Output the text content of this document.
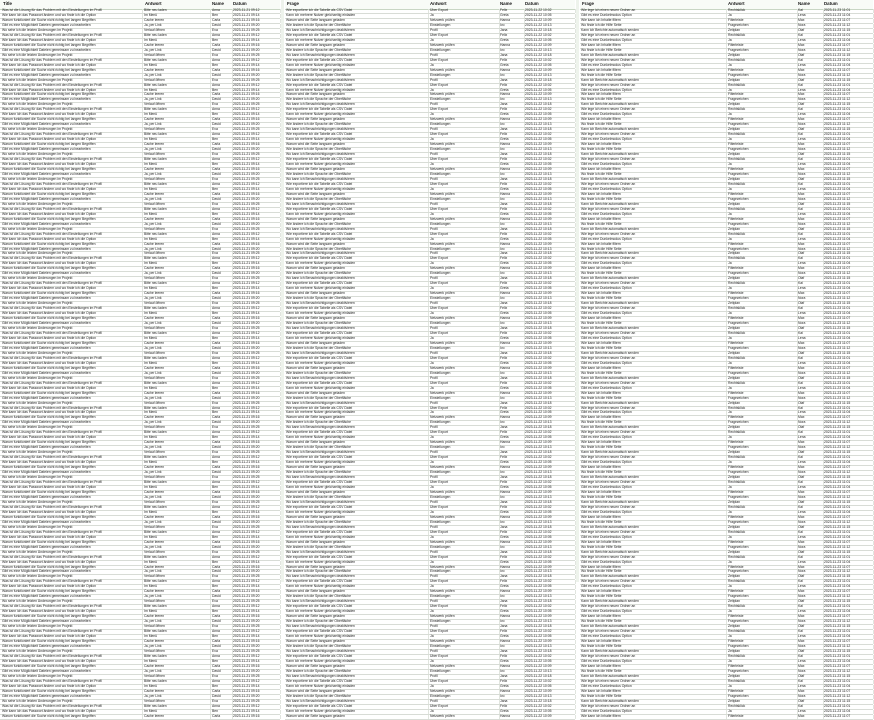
Title	Antwort	Name Datum
Was ist die Lösung für das Problem mit den Einstellungen im Profil	Bitte neu laden	Anna	2023-11-21 09:12
Wie kann ich das Passwort ändern und wo finde ich die Option	Im Menü	Ben	2023-11-21 09:14
Warum funktioniert die Suche nicht richtig bei langen Begriffen	Cache leeren	Carla	2023-11-21 09:16
Gibt es eine Möglichkeit Dateien gemeinsam zu bearbeiten	Ja, per Link	David	2023-11-21 09:20
Wo sehe ich die letzten Änderungen im Projekt	Verlauf öffnen	Eva	2023-11-21 09:25
Was ist die Lösung für das Problem mit den Einstellungen im Profil	Bitte neu laden	Anna	2023-11-21 09:12
Wie kann ich das Passwort ändern und wo finde ich die Option	Im Menü	Ben	2023-11-21 09:14
Warum funktioniert die Suche nicht richtig bei langen Begriffen	Cache leeren	Carla	2023-11-21 09:16
Gibt es eine Möglichkeit Dateien gemeinsam zu bearbeiten	Ja, per Link	David	2023-11-21 09:20
Wo sehe ich die letzten Änderungen im Projekt	Verlauf öffnen	Eva	2023-11-21 09:25
Was ist die Lösung für das Problem mit den Einstellungen im Profil	Bitte neu laden	Anna	2023-11-21 09:12
Wie kann ich das Passwort ändern und wo finde ich die Option	Im Menü	Ben	2023-11-21 09:14
Warum funktioniert die Suche nicht richtig bei langen Begriffen	Cache leeren	Carla	2023-11-21 09:16
Gibt es eine Möglichkeit Dateien gemeinsam zu bearbeiten	Ja, per Link	David	2023-11-21 09:20
Wo sehe ich die letzten Änderungen im Projekt	Verlauf öffnen	Eva	2023-11-21 09:25
Was ist die Lösung für das Problem mit den Einstellungen im Profil	Bitte neu laden	Anna	2023-11-21 09:12
Wie kann ich das Passwort ändern und wo finde ich die Option	Im Menü	Ben	2023-11-21 09:14
Warum funktioniert die Suche nicht richtig bei langen Begriffen	Cache leeren	Carla	2023-11-21 09:16
Gibt es eine Möglichkeit Dateien gemeinsam zu bearbeiten	Ja, per Link	David	2023-11-21 09:20
Wo sehe ich die letzten Änderungen im Projekt	Verlauf öffnen	Eva	2023-11-21 09:25
Was ist die Lösung für das Problem mit den Einstellungen im Profil	Bitte neu laden	Anna	2023-11-21 09:12
Wie kann ich das Passwort ändern und wo finde ich die Option	Im Menü	Ben	2023-11-21 09:14
Warum funktioniert die Suche nicht richtig bei langen Begriffen	Cache leeren	Carla	2023-11-21 09:16
Gibt es eine Möglichkeit Dateien gemeinsam zu bearbeiten	Ja, per Link	David	2023-11-21 09:20
Wo sehe ich die letzten Änderungen im Projekt	Verlauf öffnen	Eva	2023-11-21 09:25
Was ist die Lösung für das Problem mit den Einstellungen im Profil	Bitte neu laden	Anna	2023-11-21 09:12
Wie kann ich das Passwort ändern und wo finde ich die Option	Im Menü	Ben	2023-11-21 09:14
Warum funktioniert die Suche nicht richtig bei langen Begriffen	Cache leeren	Carla	2023-11-21 09:16
Gibt es eine Möglichkeit Dateien gemeinsam zu bearbeiten	Ja, per Link	David	2023-11-21 09:20
Wo sehe ich die letzten Änderungen im Projekt	Verlauf öffnen	Eva	2023-11-21 09:25
Was ist die Lösung für das Problem mit den Einstellungen im Profil	Bitte neu laden	Anna	2023-11-21 09:12
Wie kann ich das Passwort ändern und wo finde ich die Option	Im Menü	Ben	2023-11-21 09:14
Warum funktioniert die Suche nicht richtig bei langen Begriffen	Cache leeren	Carla	2023-11-21 09:16
Gibt es eine Möglichkeit Dateien gemeinsam zu bearbeiten	Ja, per Link	David	2023-11-21 09:20
Wo sehe ich die letzten Änderungen im Projekt	Verlauf öffnen	Eva	2023-11-21 09:25
Was ist die Lösung für das Problem mit den Einstellungen im Profil	Bitte neu laden	Anna	2023-11-21 09:12
Wie kann ich das Passwort ändern und wo finde ich die Option	Im Menü	Ben	2023-11-21 09:14
Warum funktioniert die Suche nicht richtig bei langen Begriffen	Cache leeren	Carla	2023-11-21 09:16
Gibt es eine Möglichkeit Dateien gemeinsam zu bearbeiten	Ja, per Link	David	2023-11-21 09:20
Wo sehe ich die letzten Änderungen im Projekt	Verlauf öffnen	Eva	2023-11-21 09:25
Was ist die Lösung für das Problem mit den Einstellungen im Profil	Bitte neu laden	Anna	2023-11-21 09:12
Wie kann ich das Passwort ändern und wo finde ich die Option	Im Menü	Ben	2023-11-21 09:14
Warum funktioniert die Suche nicht richtig bei langen Begriffen	Cache leeren	Carla	2023-11-21 09:16
Gibt es eine Möglichkeit Dateien gemeinsam zu bearbeiten	Ja, per Link	David	2023-11-21 09:20
Wo sehe ich die letzten Änderungen im Projekt	Verlauf öffnen	Eva	2023-11-21 09:25
Was ist die Lösung für das Problem mit den Einstellungen im Profil	Bitte neu laden	Anna	2023-11-21 09:12
Wie kann ich das Passwort ändern und wo finde ich die Option	Im Menü	Ben	2023-11-21 09:14
Warum funktioniert die Suche nicht richtig bei langen Begriffen	Cache leeren	Carla	2023-11-21 09:16
Gibt es eine Möglichkeit Dateien gemeinsam zu bearbeiten	Ja, per Link	David	2023-11-21 09:20
Wo sehe ich die letzten Änderungen im Projekt	Verlauf öffnen	Eva	2023-11-21 09:25
Was ist die Lösung für das Problem mit den Einstellungen im Profil	Bitte neu laden	Anna	2023-11-21 09:12
Wie kann ich das Passwort ändern und wo finde ich die Option	Im Menü	Ben	2023-11-21 09:14
Warum funktioniert die Suche nicht richtig bei langen Begriffen	Cache leeren	Carla	2023-11-21 09:16
Gibt es eine Möglichkeit Dateien gemeinsam zu bearbeiten	Ja, per Link	David	2023-11-21 09:20
Wo sehe ich die letzten Änderungen im Projekt	Verlauf öffnen	Eva	2023-11-21 09:25
Was ist die Lösung für das Problem mit den Einstellungen im Profil	Bitte neu laden	Anna	2023-11-21 09:12
Wie kann ich das Passwort ändern und wo finde ich die Option	Im Menü	Ben	2023-11-21 09:14
Warum funktioniert die Suche nicht richtig bei langen Begriffen	Cache leeren	Carla	2023-11-21 09:16
Gibt es eine Möglichkeit Dateien gemeinsam zu bearbeiten	Ja, per Link	David	2023-11-21 09:20
Wo sehe ich die letzten Änderungen im Projekt	Verlauf öffnen	Eva	2023-11-21 09:25
Was ist die Lösung für das Problem mit den Einstellungen im Profil	Bitte neu laden	Anna	2023-11-21 09:12
Wie kann ich das Passwort ändern und wo finde ich die Option	Im Menü	Ben	2023-11-21 09:14
Warum funktioniert die Suche nicht richtig bei langen Begriffen	Cache leeren	Carla	2023-11-21 09:16
Gibt es eine Möglichkeit Dateien gemeinsam zu bearbeiten	Ja, per Link	David	2023-11-21 09:20
Wo sehe ich die letzten Änderungen im Projekt	Verlauf öffnen	Eva	2023-11-21 09:25
Was ist die Lösung für das Problem mit den Einstellungen im Profil	Bitte neu laden	Anna	2023-11-21 09:12
Wie kann ich das Passwort ändern und wo finde ich die Option	Im Menü	Ben	2023-11-21 09:14
Warum funktioniert die Suche nicht richtig bei langen Begriffen	Cache leeren	Carla	2023-11-21 09:16
Gibt es eine Möglichkeit Dateien gemeinsam zu bearbeiten	Ja, per Link	David	2023-11-21 09:20
Wo sehe ich die letzten Änderungen im Projekt	Verlauf öffnen	Eva	2023-11-21 09:25
Was ist die Lösung für das Problem mit den Einstellungen im Profil	Bitte neu laden	Anna	2023-11-21 09:12
Wie kann ich das Passwort ändern und wo finde ich die Option	Im Menü	Ben	2023-11-21 09:14
Warum funktioniert die Suche nicht richtig bei langen Begriffen	Cache leeren	Carla	2023-11-21 09:16
Gibt es eine Möglichkeit Dateien gemeinsam zu bearbeiten	Ja, per Link	David	2023-11-21 09:20
Wo sehe ich die letzten Änderungen im Projekt	Verlauf öffnen	Eva	2023-11-21 09:25
Was ist die Lösung für das Problem mit den Einstellungen im Profil	Bitte neu laden	Anna	2023-11-21 09:12
Wie kann ich das Passwort ändern und wo finde ich die Option	Im Menü	Ben	2023-11-21 09:14
Warum funktioniert die Suche nicht richtig bei langen Begriffen	Cache leeren	Carla	2023-11-21 09:16
Gibt es eine Möglichkeit Dateien gemeinsam zu bearbeiten	Ja, per Link	David	2023-11-21 09:20
Wo sehe ich die letzten Änderungen im Projekt	Verlauf öffnen	Eva	2023-11-21 09:25
Was ist die Lösung für das Problem mit den Einstellungen im Profil	Bitte neu laden	Anna	2023-11-21 09:12
Wie kann ich das Passwort ändern und wo finde ich die Option	Im Menü	Ben	2023-11-21 09:14
Warum funktioniert die Suche nicht richtig bei langen Begriffen	Cache leeren	Carla	2023-11-21 09:16
Gibt es eine Möglichkeit Dateien gemeinsam zu bearbeiten	Ja, per Link	David	2023-11-21 09:20
Wo sehe ich die letzten Änderungen im Projekt	Verlauf öffnen	Eva	2023-11-21 09:25
Was ist die Lösung für das Problem mit den Einstellungen im Profil	Bitte neu laden	Anna	2023-11-21 09:12
Wie kann ich das Passwort ändern und wo finde ich die Option	Im Menü	Ben	2023-11-21 09:14
Warum funktioniert die Suche nicht richtig bei langen Begriffen	Cache leeren	Carla	2023-11-21 09:16
Gibt es eine Möglichkeit Dateien gemeinsam zu bearbeiten	Ja, per Link	David	2023-11-21 09:20
Wo sehe ich die letzten Änderungen im Projekt	Verlauf öffnen	Eva	2023-11-21 09:25
Was ist die Lösung für das Problem mit den Einstellungen im Profil	Bitte neu laden	Anna	2023-11-21 09:12
Wie kann ich das Passwort ändern und wo finde ich die Option	Im Menü	Ben	2023-11-21 09:14
Warum funktioniert die Suche nicht richtig bei langen Begriffen	Cache leeren	Carla	2023-11-21 09:16
Gibt es eine Möglichkeit Dateien gemeinsam zu bearbeiten	Ja, per Link	David	2023-11-21 09:20
Wo sehe ich die letzten Änderungen im Projekt	Verlauf öffnen	Eva	2023-11-21 09:25
Was ist die Lösung für das Problem mit den Einstellungen im Profil	Bitte neu laden	Anna	2023-11-21 09:12
Wie kann ich das Passwort ändern und wo finde ich die Option	Im Menü	Ben	2023-11-21 09:14
Warum funktioniert die Suche nicht richtig bei langen Begriffen	Cache leeren	Carla	2023-11-21 09:16
Gibt es eine Möglichkeit Dateien gemeinsam zu bearbeiten	Ja, per Link	David	2023-11-21 09:20
Wo sehe ich die letzten Änderungen im Projekt	Verlauf öffnen	Eva	2023-11-21 09:25
Was ist die Lösung für das Problem mit den Einstellungen im Profil	Bitte neu laden	Anna	2023-11-21 09:12
Wie kann ich das Passwort ändern und wo finde ich die Option	Im Menü	Ben	2023-11-21 09:14
Warum funktioniert die Suche nicht richtig bei langen Begriffen	Cache leeren	Carla	2023-11-21 09:16
Gibt es eine Möglichkeit Dateien gemeinsam zu bearbeiten	Ja, per Link	David	2023-11-21 09:20
Wo sehe ich die letzten Änderungen im Projekt	Verlauf öffnen	Eva	2023-11-21 09:25
Was ist die Lösung für das Problem mit den Einstellungen im Profil	Bitte neu laden	Anna	2023-11-21 09:12
Wie kann ich das Passwort ändern und wo finde ich die Option	Im Menü	Ben	2023-11-21 09:14
Warum funktioniert die Suche nicht richtig bei langen Begriffen	Cache leeren	Carla	2023-11-21 09:16
Gibt es eine Möglichkeit Dateien gemeinsam zu bearbeiten	Ja, per Link	David	2023-11-21 09:20
Wo sehe ich die letzten Änderungen im Projekt	Verlauf öffnen	Eva	2023-11-21 09:25
Was ist die Lösung für das Problem mit den Einstellungen im Profil	Bitte neu laden	Anna	2023-11-21 09:12
Wie kann ich das Passwort ändern und wo finde ich die Option	Im Menü	Ben	2023-11-21 09:14
Warum funktioniert die Suche nicht richtig bei langen Begriffen	Cache leeren	Carla	2023-11-21 09:16
Gibt es eine Möglichkeit Dateien gemeinsam zu bearbeiten	Ja, per Link	David	2023-11-21 09:20
Wo sehe ich die letzten Änderungen im Projekt	Verlauf öffnen	Eva	2023-11-21 09:25
Was ist die Lösung für das Problem mit den Einstellungen im Profil	Bitte neu laden	Anna	2023-11-21 09:12
Wie kann ich das Passwort ändern und wo finde ich die Option	Im Menü	Ben	2023-11-21 09:14
Warum funktioniert die Suche nicht richtig bei langen Begriffen	Cache leeren	Carla	2023-11-21 09:16
Gibt es eine Möglichkeit Dateien gemeinsam zu bearbeiten	Ja, per Link	David	2023-11-21 09:20
Wo sehe ich die letzten Änderungen im Projekt	Verlauf öffnen	Eva	2023-11-21 09:25
Was ist die Lösung für das Problem mit den Einstellungen im Profil	Bitte neu laden	Anna	2023-11-21 09:12
Wie kann ich das Passwort ändern und wo finde ich die Option	Im Menü	Ben	2023-11-21 09:14
Warum funktioniert die Suche nicht richtig bei langen Begriffen	Cache leeren	Carla	2023-11-21 09:16
Gibt es eine Möglichkeit Dateien gemeinsam zu bearbeiten	Ja, per Link	David	2023-11-21 09:20
Wo sehe ich die letzten Änderungen im Projekt	Verlauf öffnen	Eva	2023-11-21 09:25
Was ist die Lösung für das Problem mit den Einstellungen im Profil	Bitte neu laden	Anna	2023-11-21 09:12
Wie kann ich das Passwort ändern und wo finde ich die Option	Im Menü	Ben	2023-11-21 09:14
Warum funktioniert die Suche nicht richtig bei langen Begriffen	Cache leeren	Carla	2023-11-21 09:16
Gibt es eine Möglichkeit Dateien gemeinsam zu bearbeiten	Ja, per Link	David	2023-11-21 09:20
Wo sehe ich die letzten Änderungen im Projekt	Verlauf öffnen	Eva	2023-11-21 09:25
Was ist die Lösung für das Problem mit den Einstellungen im Profil	Bitte neu laden	Anna	2023-11-21 09:12
Wie kann ich das Passwort ändern und wo finde ich die Option	Im Menü	Ben	2023-11-21 09:14
Warum funktioniert die Suche nicht richtig bei langen Begriffen	Cache leeren	Carla	2023-11-21 09:16
Gibt es eine Möglichkeit Dateien gemeinsam zu bearbeiten	Ja, per Link	David	2023-11-21 09:20
Wo sehe ich die letzten Änderungen im Projekt	Verlauf öffnen	Eva	2023-11-21 09:25
Was ist die Lösung für das Problem mit den Einstellungen im Profil	Bitte neu laden	Anna	2023-11-21 09:12
Wie kann ich das Passwort ändern und wo finde ich die Option	Im Menü	Ben	2023-11-21 09:14
Warum funktioniert die Suche nicht richtig bei langen Begriffen	Cache leeren	Carla	2023-11-21 09:16
Gibt es eine Möglichkeit Dateien gemeinsam zu bearbeiten	Ja, per Link	David	2023-11-21 09:20
Wo sehe ich die letzten Änderungen im Projekt	Verlauf öffnen	Eva	2023-11-21 09:25
Was ist die Lösung für das Problem mit den Einstellungen im Profil	Bitte neu laden	Anna	2023-11-21 09:12
Wie kann ich das Passwort ändern und wo finde ich die Option	Im Menü	Ben	2023-11-21 09:14
Warum funktioniert die Suche nicht richtig bei langen Begriffen	Cache leeren	Carla	2023-11-21 09:16
Frage	Antwort	Name	Datum
Wie exportiere ich die Tabelle als CSV Datei	Über Export	Felix	2023-11-22 10:02
Kann ich mehrere Nutzer gleichzeitig einladen	Ja	Greta	2023-11-22 10:05
Warum wird die Seite langsam geladen	Netzwerk prüfen	Hanna	2023-11-22 10:09
Wie ändere ich die Sprache der Oberfläche	Einstellungen	Ivo	2023-11-22 10:13
Wo kann ich Benachrichtigungen deaktivieren	Profil	Jana	2023-11-22 10:18
Wie exportiere ich die Tabelle als CSV Datei	Über Export	Felix	2023-11-22 10:02
Kann ich mehrere Nutzer gleichzeitig einladen	Ja	Greta	2023-11-22 10:05
Warum wird die Seite langsam geladen	Netzwerk prüfen	Hanna	2023-11-22 10:09
Wie ändere ich die Sprache der Oberfläche	Einstellungen	Ivo	2023-11-22 10:13
Wo kann ich Benachrichtigungen deaktivieren	Profil	Jana	2023-11-22 10:18
Wie exportiere ich die Tabelle als CSV Datei	Über Export	Felix	2023-11-22 10:02
Kann ich mehrere Nutzer gleichzeitig einladen	Ja	Greta	2023-11-22 10:05
Warum wird die Seite langsam geladen	Netzwerk prüfen	Hanna	2023-11-22 10:09
Wie ändere ich die Sprache der Oberfläche	Einstellungen	Ivo	2023-11-22 10:13
Wo kann ich Benachrichtigungen deaktivieren	Profil	Jana	2023-11-22 10:18
Wie exportiere ich die Tabelle als CSV Datei	Über Export	Felix	2023-11-22 10:02
Kann ich mehrere Nutzer gleichzeitig einladen	Ja	Greta	2023-11-22 10:05
Warum wird die Seite langsam geladen	Netzwerk prüfen	Hanna	2023-11-22 10:09
Wie ändere ich die Sprache der Oberfläche	Einstellungen	Ivo	2023-11-22 10:13
Wo kann ich Benachrichtigungen deaktivieren	Profil	Jana	2023-11-22 10:18
Wie exportiere ich die Tabelle als CSV Datei	Über Export	Felix	2023-11-22 10:02
Kann ich mehrere Nutzer gleichzeitig einladen	Ja	Greta	2023-11-22 10:05
Warum wird die Seite langsam geladen	Netzwerk prüfen	Hanna	2023-11-22 10:09
Wie ändere ich die Sprache der Oberfläche	Einstellungen	Ivo	2023-11-22 10:13
Wo kann ich Benachrichtigungen deaktivieren	Profil	Jana	2023-11-22 10:18
Wie exportiere ich die Tabelle als CSV Datei	Über Export	Felix	2023-11-22 10:02
Kann ich mehrere Nutzer gleichzeitig einladen	Ja	Greta	2023-11-22 10:05
Warum wird die Seite langsam geladen	Netzwerk prüfen	Hanna	2023-11-22 10:09
Wie ändere ich die Sprache der Oberfläche	Einstellungen	Ivo	2023-11-22 10:13
Wo kann ich Benachrichtigungen deaktivieren	Profil	Jana	2023-11-22 10:18
Wie exportiere ich die Tabelle als CSV Datei	Über Export	Felix	2023-11-22 10:02
Kann ich mehrere Nutzer gleichzeitig einladen	Ja	Greta	2023-11-22 10:05
Warum wird die Seite langsam geladen	Netzwerk prüfen	Hanna	2023-11-22 10:09
Wie ändere ich die Sprache der Oberfläche	Einstellungen	Ivo	2023-11-22 10:13
Wo kann ich Benachrichtigungen deaktivieren	Profil	Jana	2023-11-22 10:18
Wie exportiere ich die Tabelle als CSV Datei	Über Export	Felix	2023-11-22 10:02
Kann ich mehrere Nutzer gleichzeitig einladen	Ja	Greta	2023-11-22 10:05
Warum wird die Seite langsam geladen	Netzwerk prüfen	Hanna	2023-11-22 10:09
Wie ändere ich die Sprache der Oberfläche	Einstellungen	Ivo	2023-11-22 10:13
Wo kann ich Benachrichtigungen deaktivieren	Profil	Jana	2023-11-22 10:18
Wie exportiere ich die Tabelle als CSV Datei	Über Export	Felix	2023-11-22 10:02
Kann ich mehrere Nutzer gleichzeitig einladen	Ja	Greta	2023-11-22 10:05
Warum wird die Seite langsam geladen	Netzwerk prüfen	Hanna	2023-11-22 10:09
Wie ändere ich die Sprache der Oberfläche	Einstellungen	Ivo	2023-11-22 10:13
Wo kann ich Benachrichtigungen deaktivieren	Profil	Jana	2023-11-22 10:18
Wie exportiere ich die Tabelle als CSV Datei	Über Export	Felix	2023-11-22 10:02
Kann ich mehrere Nutzer gleichzeitig einladen	Ja	Greta	2023-11-22 10:05
Warum wird die Seite langsam geladen	Netzwerk prüfen	Hanna	2023-11-22 10:09
Wie ändere ich die Sprache der Oberfläche	Einstellungen	Ivo	2023-11-22 10:13
Wo kann ich Benachrichtigungen deaktivieren	Profil	Jana	2023-11-22 10:18
Wie exportiere ich die Tabelle als CSV Datei	Über Export	Felix	2023-11-22 10:02
Kann ich mehrere Nutzer gleichzeitig einladen	Ja	Greta	2023-11-22 10:05
Warum wird die Seite langsam geladen	Netzwerk prüfen	Hanna	2023-11-22 10:09
Wie ändere ich die Sprache der Oberfläche	Einstellungen	Ivo	2023-11-22 10:13
Wo kann ich Benachrichtigungen deaktivieren	Profil	Jana	2023-11-22 10:18
Wie exportiere ich die Tabelle als CSV Datei	Über Export	Felix	2023-11-22 10:02
Kann ich mehrere Nutzer gleichzeitig einladen	Ja	Greta	2023-11-22 10:05
Warum wird die Seite langsam geladen	Netzwerk prüfen	Hanna	2023-11-22 10:09
Wie ändere ich die Sprache der Oberfläche	Einstellungen	Ivo	2023-11-22 10:13
Wo kann ich Benachrichtigungen deaktivieren	Profil	Jana	2023-11-22 10:18
Wie exportiere ich die Tabelle als CSV Datei	Über Export	Felix	2023-11-22 10:02
Kann ich mehrere Nutzer gleichzeitig einladen	Ja	Greta	2023-11-22 10:05
Warum wird die Seite langsam geladen	Netzwerk prüfen	Hanna	2023-11-22 10:09
Wie ändere ich die Sprache der Oberfläche	Einstellungen	Ivo	2023-11-22 10:13
Wo kann ich Benachrichtigungen deaktivieren	Profil	Jana	2023-11-22 10:18
Wie exportiere ich die Tabelle als CSV Datei	Über Export	Felix	2023-11-22 10:02
Kann ich mehrere Nutzer gleichzeitig einladen	Ja	Greta	2023-11-22 10:05
Warum wird die Seite langsam geladen	Netzwerk prüfen	Hanna	2023-11-22 10:09
Wie ändere ich die Sprache der Oberfläche	Einstellungen	Ivo	2023-11-22 10:13
Wo kann ich Benachrichtigungen deaktivieren	Profil	Jana	2023-11-22 10:18
Wie exportiere ich die Tabelle als CSV Datei	Über Export	Felix	2023-11-22 10:02
Kann ich mehrere Nutzer gleichzeitig einladen	Ja	Greta	2023-11-22 10:05
Warum wird die Seite langsam geladen	Netzwerk prüfen	Hanna	2023-11-22 10:09
Wie ändere ich die Sprache der Oberfläche	Einstellungen	Ivo	2023-11-22 10:13
Wo kann ich Benachrichtigungen deaktivieren	Profil	Jana	2023-11-22 10:18
Wie exportiere ich die Tabelle als CSV Datei	Über Export	Felix	2023-11-22 10:02
Kann ich mehrere Nutzer gleichzeitig einladen	Ja	Greta	2023-11-22 10:05
Warum wird die Seite langsam geladen	Netzwerk prüfen	Hanna	2023-11-22 10:09
Wie ändere ich die Sprache der Oberfläche	Einstellungen	Ivo	2023-11-22 10:13
Wo kann ich Benachrichtigungen deaktivieren	Profil	Jana	2023-11-22 10:18
Wie exportiere ich die Tabelle als CSV Datei	Über Export	Felix	2023-11-22 10:02
Kann ich mehrere Nutzer gleichzeitig einladen	Ja	Greta	2023-11-22 10:05
Warum wird die Seite langsam geladen	Netzwerk prüfen	Hanna	2023-11-22 10:09
Wie ändere ich die Sprache der Oberfläche	Einstellungen	Ivo	2023-11-22 10:13
Wo kann ich Benachrichtigungen deaktivieren	Profil	Jana	2023-11-22 10:18
Wie exportiere ich die Tabelle als CSV Datei	Über Export	Felix	2023-11-22 10:02
Kann ich mehrere Nutzer gleichzeitig einladen	Ja	Greta	2023-11-22 10:05
Warum wird die Seite langsam geladen	Netzwerk prüfen	Hanna	2023-11-22 10:09
Wie ändere ich die Sprache der Oberfläche	Einstellungen	Ivo	2023-11-22 10:13
Wo kann ich Benachrichtigungen deaktivieren	Profil	Jana	2023-11-22 10:18
Wie exportiere ich die Tabelle als CSV Datei	Über Export	Felix	2023-11-22 10:02
Kann ich mehrere Nutzer gleichzeitig einladen	Ja	Greta	2023-11-22 10:05
Warum wird die Seite langsam geladen	Netzwerk prüfen	Hanna	2023-11-22 10:09
Wie ändere ich die Sprache der Oberfläche	Einstellungen	Ivo	2023-11-22 10:13
Wo kann ich Benachrichtigungen deaktivieren	Profil	Jana	2023-11-22 10:18
Wie exportiere ich die Tabelle als CSV Datei	Über Export	Felix	2023-11-22 10:02
Kann ich mehrere Nutzer gleichzeitig einladen	Ja	Greta	2023-11-22 10:05
Warum wird die Seite langsam geladen	Netzwerk prüfen	Hanna	2023-11-22 10:09
Wie ändere ich die Sprache der Oberfläche	Einstellungen	Ivo	2023-11-22 10:13
Wo kann ich Benachrichtigungen deaktivieren	Profil	Jana	2023-11-22 10:18
Wie exportiere ich die Tabelle als CSV Datei	Über Export	Felix	2023-11-22 10:02
Kann ich mehrere Nutzer gleichzeitig einladen	Ja	Greta	2023-11-22 10:05
Warum wird die Seite langsam geladen	Netzwerk prüfen	Hanna	2023-11-22 10:09
Wie ändere ich die Sprache der Oberfläche	Einstellungen	Ivo	2023-11-22 10:13
Wo kann ich Benachrichtigungen deaktivieren	Profil	Jana	2023-11-22 10:18
Wie exportiere ich die Tabelle als CSV Datei	Über Export	Felix	2023-11-22 10:02
Kann ich mehrere Nutzer gleichzeitig einladen	Ja	Greta	2023-11-22 10:05
Warum wird die Seite langsam geladen	Netzwerk prüfen	Hanna	2023-11-22 10:09
Wie ändere ich die Sprache der Oberfläche	Einstellungen	Ivo	2023-11-22 10:13
Wo kann ich Benachrichtigungen deaktivieren	Profil	Jana	2023-11-22 10:18
Wie exportiere ich die Tabelle als CSV Datei	Über Export	Felix	2023-11-22 10:02
Kann ich mehrere Nutzer gleichzeitig einladen	Ja	Greta	2023-11-22 10:05
Warum wird die Seite langsam geladen	Netzwerk prüfen	Hanna	2023-11-22 10:09
Wie ändere ich die Sprache der Oberfläche	Einstellungen	Ivo	2023-11-22 10:13
Wo kann ich Benachrichtigungen deaktivieren	Profil	Jana	2023-11-22 10:18
Wie exportiere ich die Tabelle als CSV Datei	Über Export	Felix	2023-11-22 10:02
Kann ich mehrere Nutzer gleichzeitig einladen	Ja	Greta	2023-11-22 10:05
Warum wird die Seite langsam geladen	Netzwerk prüfen	Hanna	2023-11-22 10:09
Wie ändere ich die Sprache der Oberfläche	Einstellungen	Ivo	2023-11-22 10:13
Wo kann ich Benachrichtigungen deaktivieren	Profil	Jana	2023-11-22 10:18
Wie exportiere ich die Tabelle als CSV Datei	Über Export	Felix	2023-11-22 10:02
Kann ich mehrere Nutzer gleichzeitig einladen	Ja	Greta	2023-11-22 10:05
Warum wird die Seite langsam geladen	Netzwerk prüfen	Hanna	2023-11-22 10:09
Wie ändere ich die Sprache der Oberfläche	Einstellungen	Ivo	2023-11-22 10:13
Wo kann ich Benachrichtigungen deaktivieren	Profil	Jana	2023-11-22 10:18
Wie exportiere ich die Tabelle als CSV Datei	Über Export	Felix	2023-11-22 10:02
Kann ich mehrere Nutzer gleichzeitig einladen	Ja	Greta	2023-11-22 10:05
Warum wird die Seite langsam geladen	Netzwerk prüfen	Hanna	2023-11-22 10:09
Wie ändere ich die Sprache der Oberfläche	Einstellungen	Ivo	2023-11-22 10:13
Wo kann ich Benachrichtigungen deaktivieren	Profil	Jana	2023-11-22 10:18
Wie exportiere ich die Tabelle als CSV Datei	Über Export	Felix	2023-11-22 10:02
Kann ich mehrere Nutzer gleichzeitig einladen	Ja	Greta	2023-11-22 10:05
Warum wird die Seite langsam geladen	Netzwerk prüfen	Hanna	2023-11-22 10:09
Wie ändere ich die Sprache der Oberfläche	Einstellungen	Ivo	2023-11-22 10:13
Wo kann ich Benachrichtigungen deaktivieren	Profil	Jana	2023-11-22 10:18
Wie exportiere ich die Tabelle als CSV Datei	Über Export	Felix	2023-11-22 10:02
Kann ich mehrere Nutzer gleichzeitig einladen	Ja	Greta	2023-11-22 10:05
Warum wird die Seite langsam geladen	Netzwerk prüfen	Hanna	2023-11-22 10:09
Wie ändere ich die Sprache der Oberfläche	Einstellungen	Ivo	2023-11-22 10:13
Wo kann ich Benachrichtigungen deaktivieren	Profil	Jana	2023-11-22 10:18
Wie exportiere ich die Tabelle als CSV Datei	Über Export	Felix	2023-11-22 10:02
Kann ich mehrere Nutzer gleichzeitig einladen	Ja	Greta	2023-11-22 10:05
Warum wird die Seite langsam geladen	Netzwerk prüfen	Hanna	2023-11-22 10:09
Frage	Antwort	Name	Datum
Wie lege ich einen neuen Ordner an	Rechtsklick	Kai	2023-11-23 11:01
Gibt es eine Dunkelmodus Option	Ja	Lena	2023-11-23 11:04
Wie kann ich Inhalte filtern	Filterleiste	Max	2023-11-23 11:07
Wo finde ich die Hilfe Seite	Fragezeichen	Nora	2023-11-23 11:12
Kann ich Berichte automatisch senden	Zeitplan	Olaf	2023-11-23 11:15
Wie lege ich einen neuen Ordner an	Rechtsklick	Kai	2023-11-23 11:01
Gibt es eine Dunkelmodus Option	Ja	Lena	2023-11-23 11:04
Wie kann ich Inhalte filtern	Filterleiste	Max	2023-11-23 11:07
Wo finde ich die Hilfe Seite	Fragezeichen	Nora	2023-11-23 11:12
Kann ich Berichte automatisch senden	Zeitplan	Olaf	2023-11-23 11:15
Wie lege ich einen neuen Ordner an	Rechtsklick	Kai	2023-11-23 11:01
Gibt es eine Dunkelmodus Option	Ja	Lena	2023-11-23 11:04
Wie kann ich Inhalte filtern	Filterleiste	Max	2023-11-23 11:07
Wo finde ich die Hilfe Seite	Fragezeichen	Nora	2023-11-23 11:12
Kann ich Berichte automatisch senden	Zeitplan	Olaf	2023-11-23 11:15
Wie lege ich einen neuen Ordner an	Rechtsklick	Kai	2023-11-23 11:01
Gibt es eine Dunkelmodus Option	Ja	Lena	2023-11-23 11:04
Wie kann ich Inhalte filtern	Filterleiste	Max	2023-11-23 11:07
Wo finde ich die Hilfe Seite	Fragezeichen	Nora	2023-11-23 11:12
Kann ich Berichte automatisch senden	Zeitplan	Olaf	2023-11-23 11:15
Wie lege ich einen neuen Ordner an	Rechtsklick	Kai	2023-11-23 11:01
Gibt es eine Dunkelmodus Option	Ja	Lena	2023-11-23 11:04
Wie kann ich Inhalte filtern	Filterleiste	Max	2023-11-23 11:07
Wo finde ich die Hilfe Seite	Fragezeichen	Nora	2023-11-23 11:12
Kann ich Berichte automatisch senden	Zeitplan	Olaf	2023-11-23 11:15
Wie lege ich einen neuen Ordner an	Rechtsklick	Kai	2023-11-23 11:01
Gibt es eine Dunkelmodus Option	Ja	Lena	2023-11-23 11:04
Wie kann ich Inhalte filtern	Filterleiste	Max	2023-11-23 11:07
Wo finde ich die Hilfe Seite	Fragezeichen	Nora	2023-11-23 11:12
Kann ich Berichte automatisch senden	Zeitplan	Olaf	2023-11-23 11:15
Wie lege ich einen neuen Ordner an	Rechtsklick	Kai	2023-11-23 11:01
Gibt es eine Dunkelmodus Option	Ja	Lena	2023-11-23 11:04
Wie kann ich Inhalte filtern	Filterleiste	Max	2023-11-23 11:07
Wo finde ich die Hilfe Seite	Fragezeichen	Nora	2023-11-23 11:12
Kann ich Berichte automatisch senden	Zeitplan	Olaf	2023-11-23 11:15
Wie lege ich einen neuen Ordner an	Rechtsklick	Kai	2023-11-23 11:01
Gibt es eine Dunkelmodus Option	Ja	Lena	2023-11-23 11:04
Wie kann ich Inhalte filtern	Filterleiste	Max	2023-11-23 11:07
Wo finde ich die Hilfe Seite	Fragezeichen	Nora	2023-11-23 11:12
Kann ich Berichte automatisch senden	Zeitplan	Olaf	2023-11-23 11:15
Wie lege ich einen neuen Ordner an	Rechtsklick	Kai	2023-11-23 11:01
Gibt es eine Dunkelmodus Option	Ja	Lena	2023-11-23 11:04
Wie kann ich Inhalte filtern	Filterleiste	Max	2023-11-23 11:07
Wo finde ich die Hilfe Seite	Fragezeichen	Nora	2023-11-23 11:12
Kann ich Berichte automatisch senden	Zeitplan	Olaf	2023-11-23 11:15
Wie lege ich einen neuen Ordner an	Rechtsklick	Kai	2023-11-23 11:01
Gibt es eine Dunkelmodus Option	Ja	Lena	2023-11-23 11:04
Wie kann ich Inhalte filtern	Filterleiste	Max	2023-11-23 11:07
Wo finde ich die Hilfe Seite	Fragezeichen	Nora	2023-11-23 11:12
Kann ich Berichte automatisch senden	Zeitplan	Olaf	2023-11-23 11:15
Wie lege ich einen neuen Ordner an	Rechtsklick	Kai	2023-11-23 11:01
Gibt es eine Dunkelmodus Option	Ja	Lena	2023-11-23 11:04
Wie kann ich Inhalte filtern	Filterleiste	Max	2023-11-23 11:07
Wo finde ich die Hilfe Seite	Fragezeichen	Nora	2023-11-23 11:12
Kann ich Berichte automatisch senden	Zeitplan	Olaf	2023-11-23 11:15
Wie lege ich einen neuen Ordner an	Rechtsklick	Kai	2023-11-23 11:01
Gibt es eine Dunkelmodus Option	Ja	Lena	2023-11-23 11:04
Wie kann ich Inhalte filtern	Filterleiste	Max	2023-11-23 11:07
Wo finde ich die Hilfe Seite	Fragezeichen	Nora	2023-11-23 11:12
Kann ich Berichte automatisch senden	Zeitplan	Olaf	2023-11-23 11:15
Wie lege ich einen neuen Ordner an	Rechtsklick	Kai	2023-11-23 11:01
Gibt es eine Dunkelmodus Option	Ja	Lena	2023-11-23 11:04
Wie kann ich Inhalte filtern	Filterleiste	Max	2023-11-23 11:07
Wo finde ich die Hilfe Seite	Fragezeichen	Nora	2023-11-23 11:12
Kann ich Berichte automatisch senden	Zeitplan	Olaf	2023-11-23 11:15
Wie lege ich einen neuen Ordner an	Rechtsklick	Kai	2023-11-23 11:01
Gibt es eine Dunkelmodus Option	Ja	Lena	2023-11-23 11:04
Wie kann ich Inhalte filtern	Filterleiste	Max	2023-11-23 11:07
Wo finde ich die Hilfe Seite	Fragezeichen	Nora	2023-11-23 11:12
Kann ich Berichte automatisch senden	Zeitplan	Olaf	2023-11-23 11:15
Wie lege ich einen neuen Ordner an	Rechtsklick	Kai	2023-11-23 11:01
Gibt es eine Dunkelmodus Option	Ja	Lena	2023-11-23 11:04
Wie kann ich Inhalte filtern	Filterleiste	Max	2023-11-23 11:07
Wo finde ich die Hilfe Seite	Fragezeichen	Nora	2023-11-23 11:12
Kann ich Berichte automatisch senden	Zeitplan	Olaf	2023-11-23 11:15
Wie lege ich einen neuen Ordner an	Rechtsklick	Kai	2023-11-23 11:01
Gibt es eine Dunkelmodus Option	Ja	Lena	2023-11-23 11:04
Wie kann ich Inhalte filtern	Filterleiste	Max	2023-11-23 11:07
Wo finde ich die Hilfe Seite	Fragezeichen	Nora	2023-11-23 11:12
Kann ich Berichte automatisch senden	Zeitplan	Olaf	2023-11-23 11:15
Wie lege ich einen neuen Ordner an	Rechtsklick	Kai	2023-11-23 11:01
Gibt es eine Dunkelmodus Option	Ja	Lena	2023-11-23 11:04
Wie kann ich Inhalte filtern	Filterleiste	Max	2023-11-23 11:07
Wo finde ich die Hilfe Seite	Fragezeichen	Nora	2023-11-23 11:12
Kann ich Berichte automatisch senden	Zeitplan	Olaf	2023-11-23 11:15
Wie lege ich einen neuen Ordner an	Rechtsklick	Kai	2023-11-23 11:01
Gibt es eine Dunkelmodus Option	Ja	Lena	2023-11-23 11:04
Wie kann ich Inhalte filtern	Filterleiste	Max	2023-11-23 11:07
Wo finde ich die Hilfe Seite	Fragezeichen	Nora	2023-11-23 11:12
Kann ich Berichte automatisch senden	Zeitplan	Olaf	2023-11-23 11:15
Wie lege ich einen neuen Ordner an	Rechtsklick	Kai	2023-11-23 11:01
Gibt es eine Dunkelmodus Option	Ja	Lena	2023-11-23 11:04
Wie kann ich Inhalte filtern	Filterleiste	Max	2023-11-23 11:07
Wo finde ich die Hilfe Seite	Fragezeichen	Nora	2023-11-23 11:12
Kann ich Berichte automatisch senden	Zeitplan	Olaf	2023-11-23 11:15
Wie lege ich einen neuen Ordner an	Rechtsklick	Kai	2023-11-23 11:01
Gibt es eine Dunkelmodus Option	Ja	Lena	2023-11-23 11:04
Wie kann ich Inhalte filtern	Filterleiste	Max	2023-11-23 11:07
Wo finde ich die Hilfe Seite	Fragezeichen	Nora	2023-11-23 11:12
Kann ich Berichte automatisch senden	Zeitplan	Olaf	2023-11-23 11:15
Wie lege ich einen neuen Ordner an	Rechtsklick	Kai	2023-11-23 11:01
Gibt es eine Dunkelmodus Option	Ja	Lena	2023-11-23 11:04
Wie kann ich Inhalte filtern	Filterleiste	Max	2023-11-23 11:07
Wo finde ich die Hilfe Seite	Fragezeichen	Nora	2023-11-23 11:12
Kann ich Berichte automatisch senden	Zeitplan	Olaf	2023-11-23 11:15
Wie lege ich einen neuen Ordner an	Rechtsklick	Kai	2023-11-23 11:01
Gibt es eine Dunkelmodus Option	Ja	Lena	2023-11-23 11:04
Wie kann ich Inhalte filtern	Filterleiste	Max	2023-11-23 11:07
Wo finde ich die Hilfe Seite	Fragezeichen	Nora	2023-11-23 11:12
Kann ich Berichte automatisch senden	Zeitplan	Olaf	2023-11-23 11:15
Wie lege ich einen neuen Ordner an	Rechtsklick	Kai	2023-11-23 11:01
Gibt es eine Dunkelmodus Option	Ja	Lena	2023-11-23 11:04
Wie kann ich Inhalte filtern	Filterleiste	Max	2023-11-23 11:07
Wo finde ich die Hilfe Seite	Fragezeichen	Nora	2023-11-23 11:12
Kann ich Berichte automatisch senden	Zeitplan	Olaf	2023-11-23 11:15
Wie lege ich einen neuen Ordner an	Rechtsklick	Kai	2023-11-23 11:01
Gibt es eine Dunkelmodus Option	Ja	Lena	2023-11-23 11:04
Wie kann ich Inhalte filtern	Filterleiste	Max	2023-11-23 11:07
Wo finde ich die Hilfe Seite	Fragezeichen	Nora	2023-11-23 11:12
Kann ich Berichte automatisch senden	Zeitplan	Olaf	2023-11-23 11:15
Wie lege ich einen neuen Ordner an	Rechtsklick	Kai	2023-11-23 11:01
Gibt es eine Dunkelmodus Option	Ja	Lena	2023-11-23 11:04
Wie kann ich Inhalte filtern	Filterleiste	Max	2023-11-23 11:07
Wo finde ich die Hilfe Seite	Fragezeichen	Nora	2023-11-23 11:12
Kann ich Berichte automatisch senden	Zeitplan	Olaf	2023-11-23 11:15
Wie lege ich einen neuen Ordner an	Rechtsklick	Kai	2023-11-23 11:01
Gibt es eine Dunkelmodus Option	Ja	Lena	2023-11-23 11:04
Wie kann ich Inhalte filtern	Filterleiste	Max	2023-11-23 11:07
Wo finde ich die Hilfe Seite	Fragezeichen	Nora	2023-11-23 11:12
Kann ich Berichte automatisch senden	Zeitplan	Olaf	2023-11-23 11:15
Wie lege ich einen neuen Ordner an	Rechtsklick	Kai	2023-11-23 11:01
Gibt es eine Dunkelmodus Option	Ja	Lena	2023-11-23 11:04
Wie kann ich Inhalte filtern	Filterleiste	Max	2023-11-23 11:07
Wo finde ich die Hilfe Seite	Fragezeichen	Nora	2023-11-23 11:12
Kann ich Berichte automatisch senden	Zeitplan	Olaf	2023-11-23 11:15
Wie lege ich einen neuen Ordner an	Rechtsklick	Kai	2023-11-23 11:01
Gibt es eine Dunkelmodus Option	Ja	Lena	2023-11-23 11:04
Wie kann ich Inhalte filtern	Filterleiste	Max	2023-11-23 11:07
Wo finde ich die Hilfe Seite	Fragezeichen	Nora	2023-11-23 11:12
Kann ich Berichte automatisch senden	Zeitplan	Olaf	2023-11-23 11:15
Wie lege ich einen neuen Ordner an	Rechtsklick	Kai	2023-11-23 11:01
Gibt es eine Dunkelmodus Option	Ja	Lena	2023-11-23 11:04
Wie kann ich Inhalte filtern	Filterleiste	Max	2023-11-23 11:07
